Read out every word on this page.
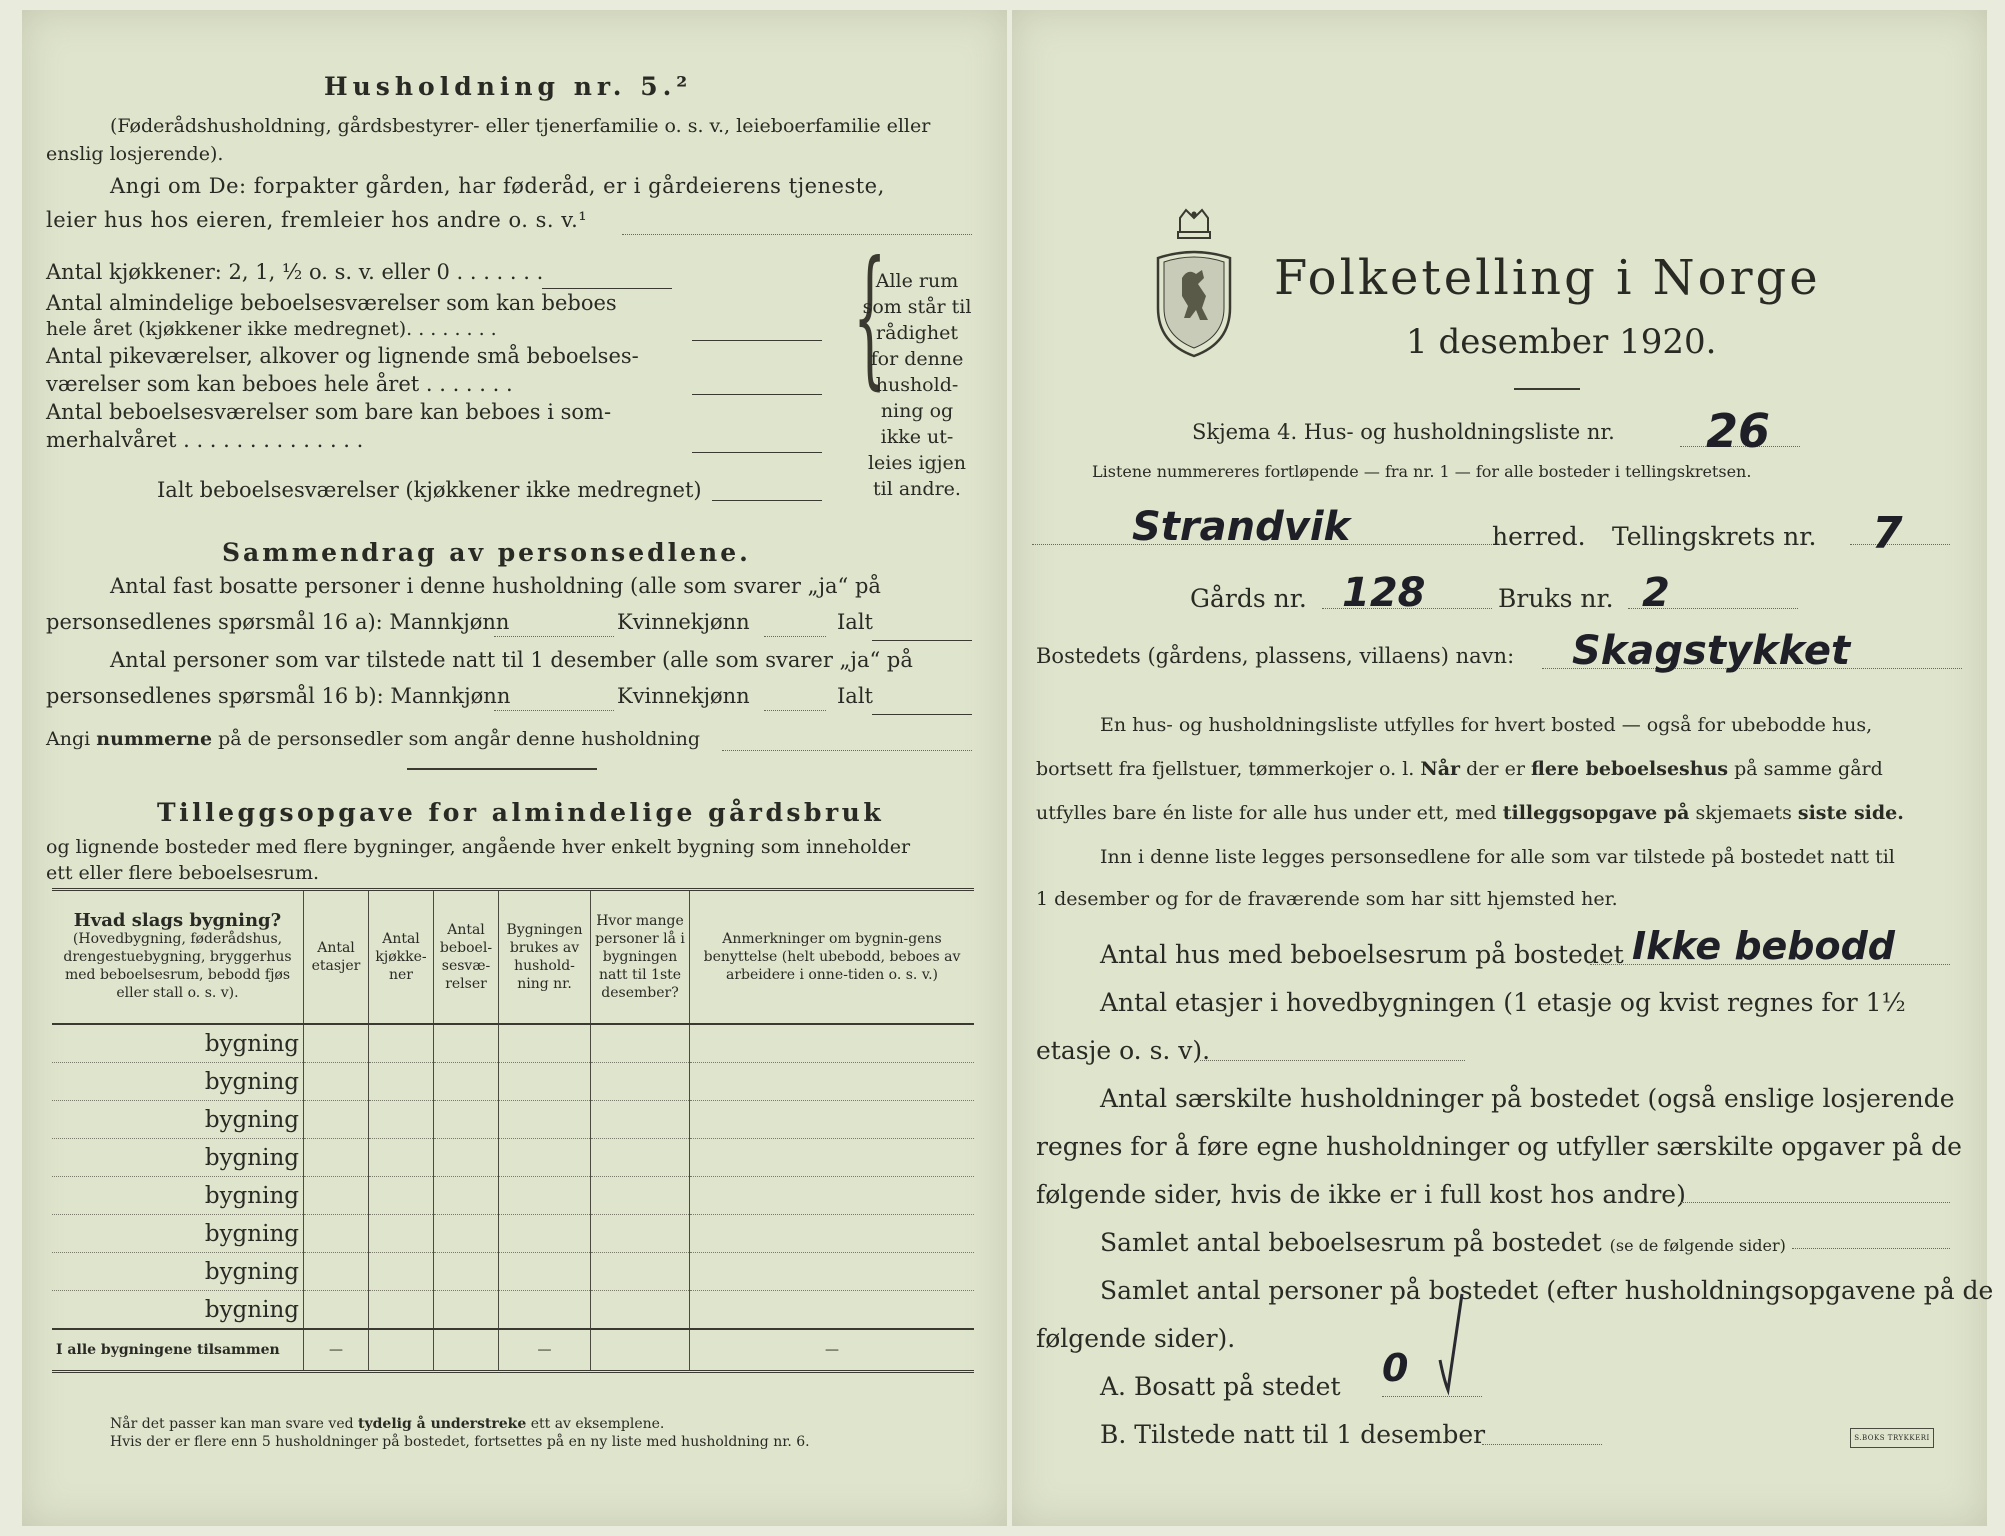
Husholdning nr. 5.²
(Føderådshusholdning, gårdsbestyrer- eller tjenerfamilie o. s. v., leieboerfamilie eller
enslig losjerende).
Angi om De: forpakter gården, har føderåd, er i gårdeierens tjeneste,
leier hus hos eieren, fremleier hos andre o. s. v.¹
Antal kjøkkener: 2, 1, ½ o. s. v. eller 0 . . . . . . .
Antal almindelige beboelsesværelser som kan beboes
hele året (kjøkkener ikke medregnet). . . . . . . .
Antal pikeværelser, alkover og lignende små beboelses-
værelser som kan beboes hele året . . . . . . .
Antal beboelsesværelser som bare kan beboes i som-
merhalvåret . . . . . . . . . . . . . .
Ialt beboelsesværelser (kjøkkener ikke medregnet)
{
Alle rum
som står til
rådighet
for denne
hushold-
ning og
ikke ut-
leies igjen
til andre.
Sammendrag av personsedlene.
Antal fast bosatte personer i denne husholdning (alle som svarer „ja“ på
personsedlenes spørsmål 16 a): Mannkjønn	Kvinnekjønn	Ialt
Antal personer som var tilstede natt til 1 desember (alle som svarer „ja“ på
personsedlenes spørsmål 16 b): Mannkjønn	Kvinnekjønn	Ialt
Angi nummerne på de personsedler som angår denne husholdning
Tilleggsopgave for almindelige gårdsbruk
og lignende bosteder med flere bygninger, angående hver enkelt bygning som inneholder
ett eller flere beboelsesrum.
Hvad slags bygning?
(Hovedbygning, føderådshus, drengestuebygning, bryggerhus med beboelsesrum, bebodd fjøs eller stall o. s. v).	Antal etasjer	Antal kjøkke-ner	Antal beboel-sesvæ-relser	Bygningen brukes av hushold-ning nr.	Hvor mange personer lå i bygningen natt til 1ste desember?	Anmerkninger om bygnin-gens benyttelse (helt ubebodd, beboes av arbeidere i onne-tiden o. s. v.)
bygning						
bygning						
bygning						
bygning						
bygning						
bygning						
bygning						
bygning						
I alle bygningene tilsammen	—			—		—
Når det passer kan man svare ved tydelig å understreke ett av eksemplene.
Hvis der er flere enn 5 husholdninger på bostedet, fortsettes på en ny liste med husholdning nr. 6.
Folketelling i Norge
1 desember 1920.
Skjema 4. Hus- og husholdningsliste nr. 26
Listene nummereres fortløpende — fra nr. 1 — for alle bosteder i tellingskretsen.
Strandvik	herred. Tellingskrets nr. 7
Gårds nr. 128	Bruks nr. 2
Bostedets (gårdens, plassens, villaens) navn: Skagstykket
En hus- og husholdningsliste utfylles for hvert bosted — også for ubebodde hus,
bortsett fra fjellstuer, tømmerkojer o. l. Når der er flere beboelseshus på samme gård
utfylles bare én liste for alle hus under ett, med tilleggsopgave på skjemaets siste side.
Inn i denne liste legges personsedlene for alle som var tilstede på bostedet natt til
1 desember og for de fraværende som har sitt hjemsted her.
Antal hus med beboelsesrum på bostedet Ikke bebodd
Antal etasjer i hovedbygningen (1 etasje og kvist regnes for 1½
etasje o. s. v).
Antal særskilte husholdninger på bostedet (også enslige losjerende
regnes for å føre egne husholdninger og utfyller særskilte opgaver på de
følgende sider, hvis de ikke er i full kost hos andre)
Samlet antal beboelsesrum på bostedet (se de følgende sider)
Samlet antal personer på bostedet (efter husholdningsopgavene på de
følgende sider).
A. Bosatt på stedet 0
B. Tilstede natt til 1 desember	S.BOKS TRYKKERI
